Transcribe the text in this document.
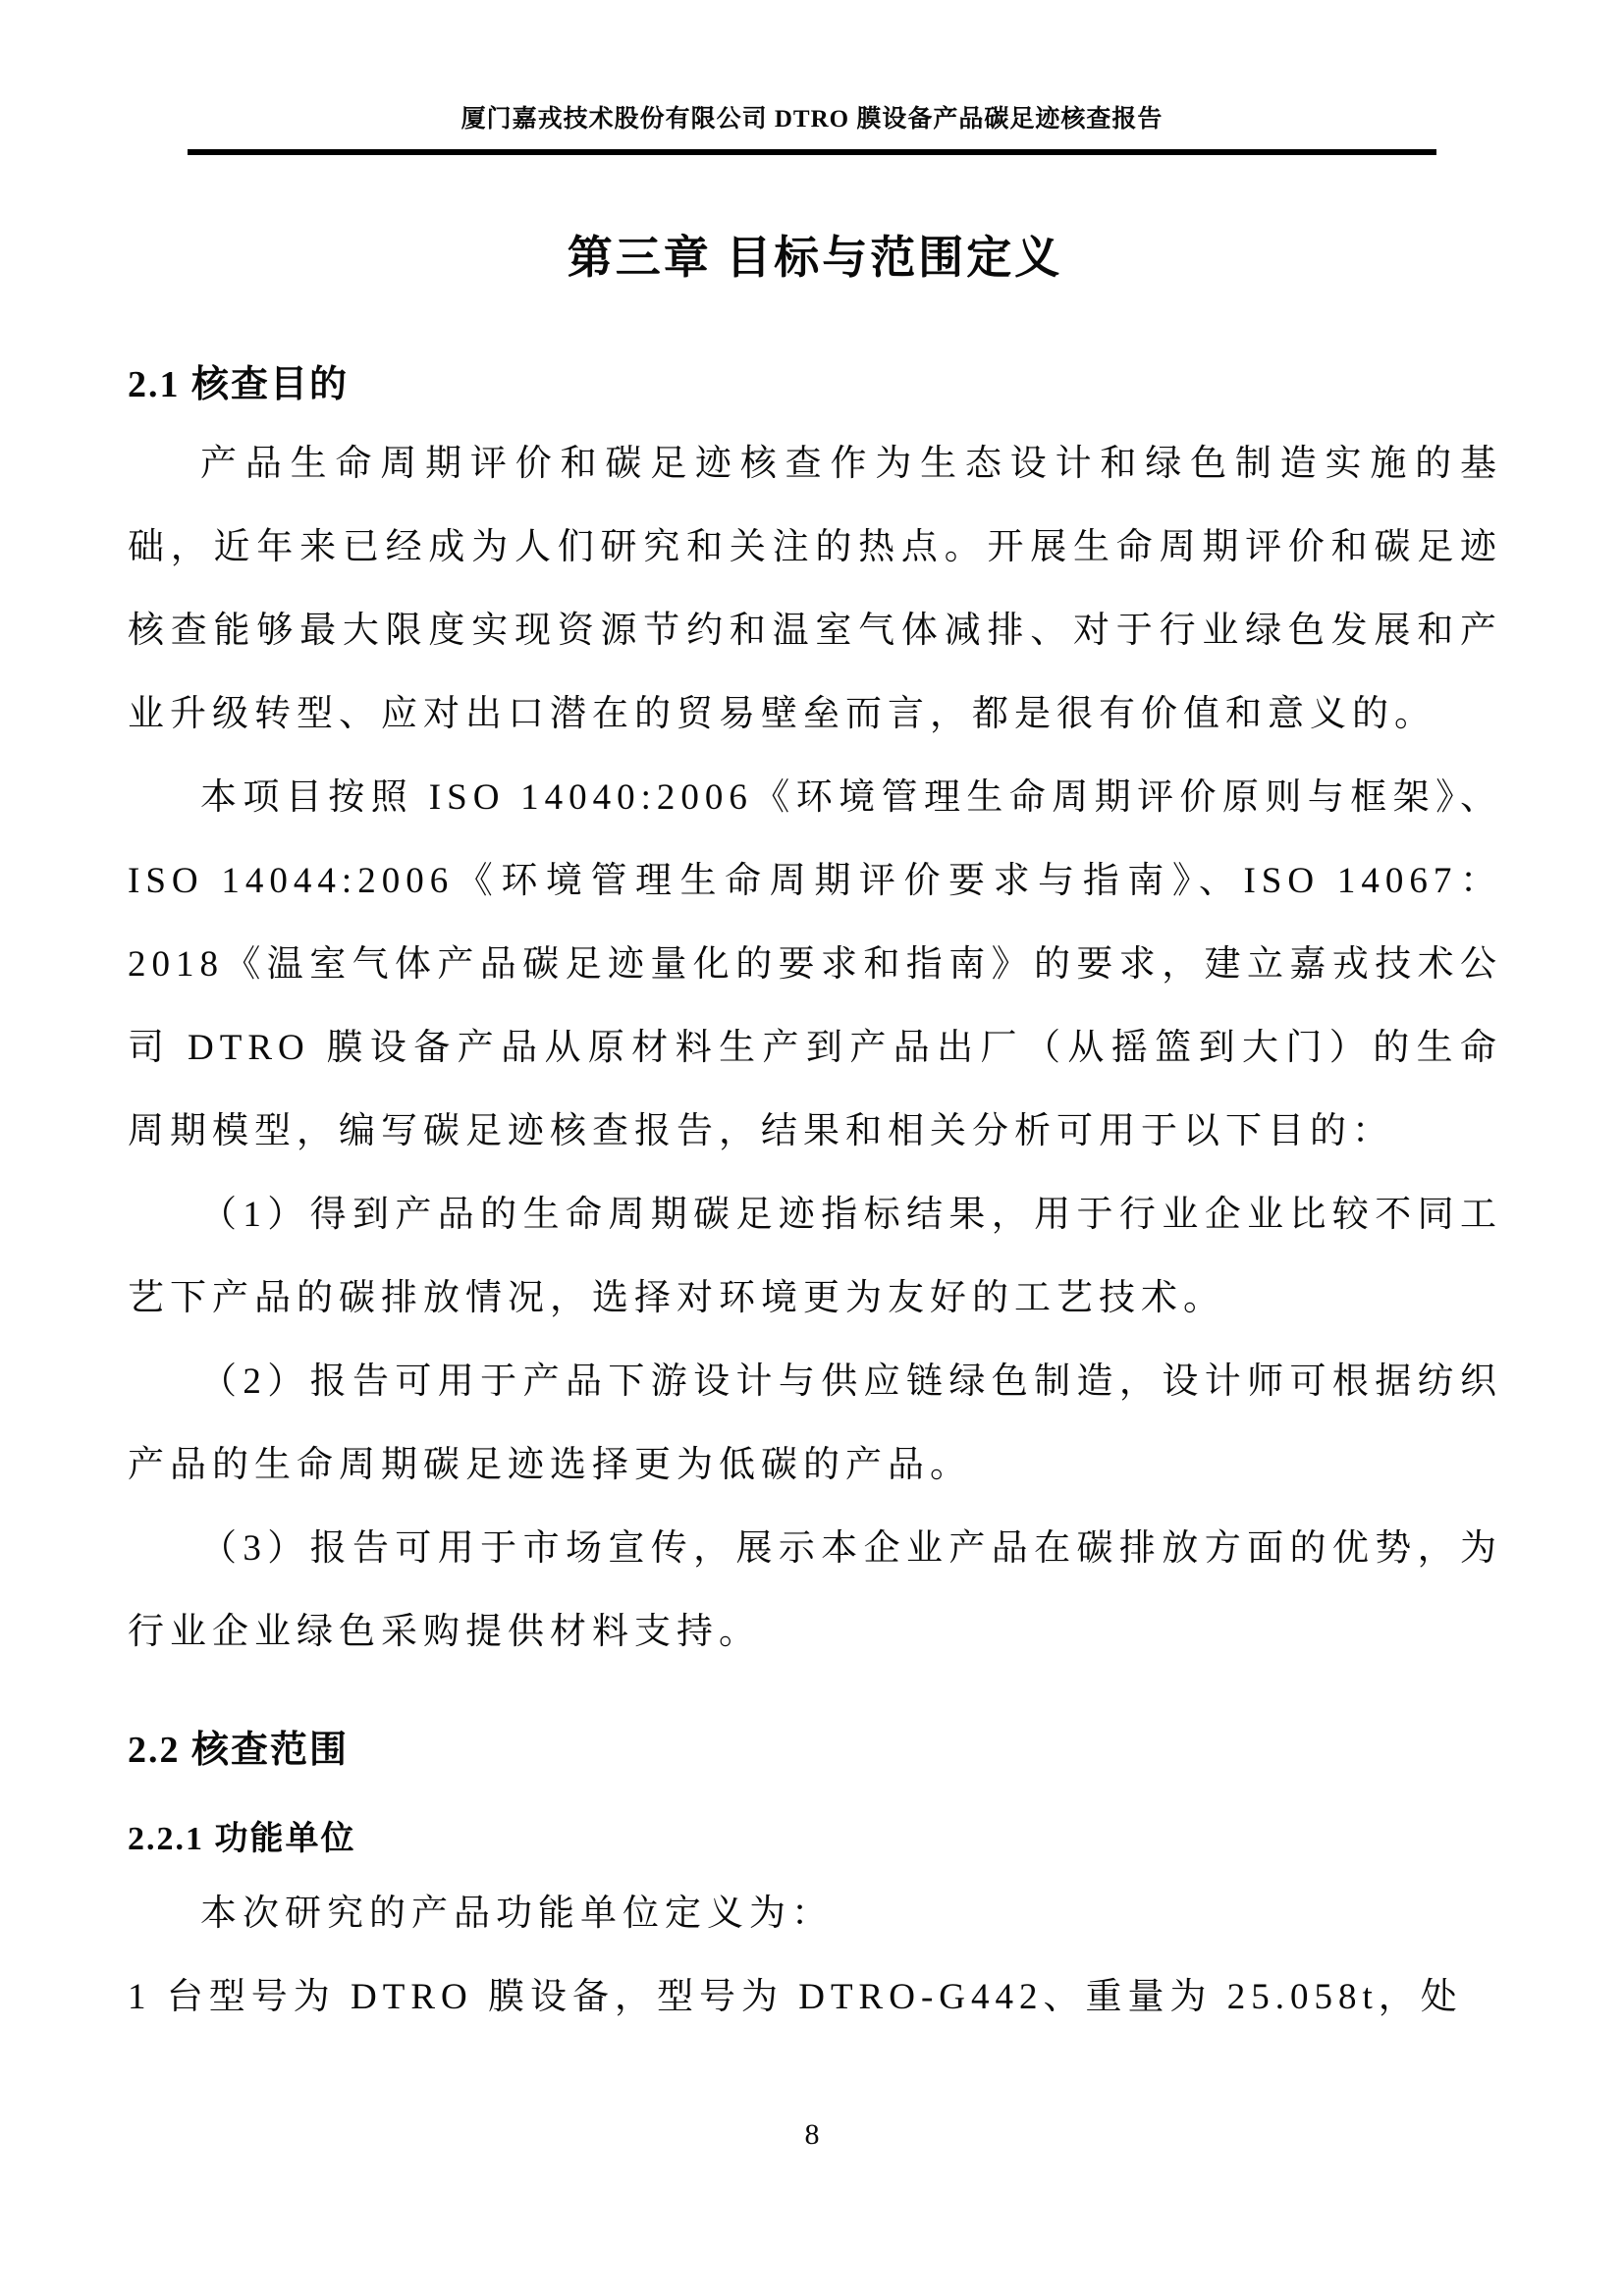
厦门嘉戎技术股份有限公司 DTRO 膜设备产品碳足迹核查报告
第三章 目标与范围定义
2.1 核查目的

产品生命周期评价和碳足迹核查作为生态设计和绿色制造实施的基础，近年来已经成为人们研究和关注的热点。开展生命周期评价和碳足迹核查能够最大限度实现资源节约和温室气体减排、对于行业绿色发展和产业升级转型、应对出口潜在的贸易壁垒而言，都是很有价值和意义的。

本项目按照 ISO 14040:2006《环境管理生命周期评价原则与框架》、ISO 14044:2006《环境管理生命周期评价要求与指南》、ISO 14067：2018《温室气体产品碳足迹量化的要求和指南》的要求，建立嘉戎技术公司 DTRO 膜设备产品从原材料生产到产品出厂（从摇篮到大门）的生命周期模型，编写碳足迹核查报告，结果和相关分析可用于以下目的：

（1）得到产品的生命周期碳足迹指标结果，用于行业企业比较不同工艺下产品的碳排放情况，选择对环境更为友好的工艺技术。

（2）报告可用于产品下游设计与供应链绿色制造，设计师可根据纺织产品的生命周期碳足迹选择更为低碳的产品。

（3）报告可用于市场宣传，展示本企业产品在碳排放方面的优势，为行业企业绿色采购提供材料支持。

2.2 核查范围
2.2.1 功能单位

本次研究的产品功能单位定义为：

1 台型号为 DTRO 膜设备，型号为 DTRO-G442、重量为 25.058t，处

8
